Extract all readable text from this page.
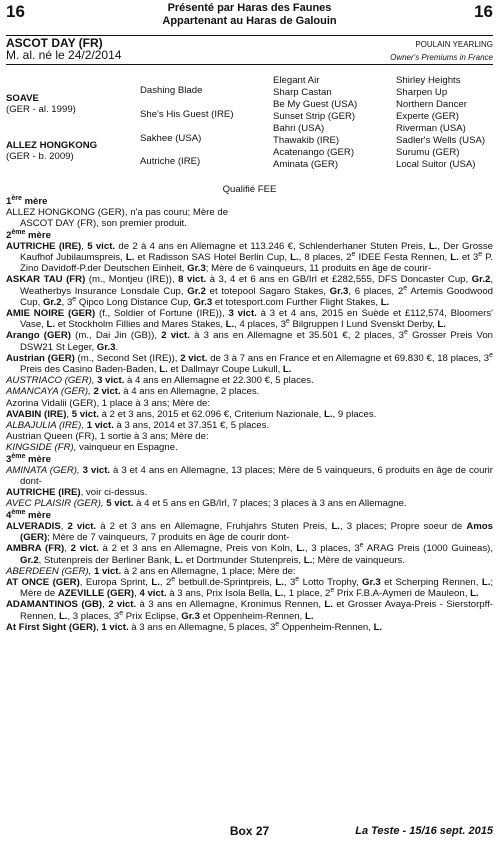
16	Présenté par Haras des Faunes
Appartenant au Haras de Galouin	16
ASCOT DAY (FR)
M. al. né le 24/2/2014
POULAIN YEARLING
Owner's Premiums in France
SOAVE
(GER - al. 1999)
ALLEZ HONGKONG
(GER - b. 2009)
Dashing Blade
She's His Guest (IRE)
Sakhee (USA)
Autriche (IRE)
Elegant Air
Sharp Castan
Be My Guest (USA)
Sunset Strip (GER)
Bahri (USA)
Thawakib (IRE)
Acatenango (GER)
Aminata (GER)
Shirley Heights
Sharpen Up
Northern Dancer
Experte (GER)
Riverman (USA)
Sadler's Wells (USA)
Surumu (GER)
Local Suitor (USA)
Qualifié FEE

1ère mère

ALLEZ HONGKONG (GER), n'a pas couru; Mère de

ASCOT DAY (FR), son premier produit.

2ème mère

AUTRICHE (IRE), 5 vict. de 2 à 4 ans en Allemagne et 113.246 €, Schlenderhaner Stuten Preis, L., Der Grosse Kaufhof Jubilaumspreis, L. et Radisson SAS Hotel Berlin Cup, L., 8 places, 2e IDEE Festa Rennen, L. et 3e P. Zino Davidoff-P.der Deutschen Einheit, Gr.3; Mère de 6 vainqueurs, 11 produits en âge de courir-

ASKAR TAU (FR) (m., Montjeu (IRE)), 8 vict. à 3, 4 et 6 ans en GB/Irl et £282,555, DFS Doncaster Cup, Gr.2, Weatherbys Insurance Lonsdale Cup, Gr.2 et totepool Sagaro Stakes, Gr.3, 6 places, 2e Artemis Goodwood Cup, Gr.2, 3e Qipco Long Distance Cup, Gr.3 et totesport.com Further Flight Stakes, L.

AMIE NOIRE (GER) (f., Soldier of Fortune (IRE)), 3 vict. à 3 et 4 ans, 2015 en Suède et £112,574, Bloomers' Vase, L. et Stockholm Fillies and Mares Stakes, L., 4 places, 3e Bilgruppen I Lund Svenskt Derby, L.

Arango (GER) (m., Dai Jin (GB)), 2 vict. à 3 ans en Allemagne et 35.501 €, 2 places, 3e Grosser Preis Von DSW21 St Leger, Gr.3.

Austrian (GER) (m., Second Set (IRE)), 2 vict. de 3 à 7 ans en France et en Allemagne et 69.830 €, 18 places, 3e Preis des Casino Baden-Baden, L. et Dallmayr Coupe Lukull, L.

AUSTRIACO (GER), 3 vict. à 4 ans en Allemagne et 22.300 €, 5 places.

AMANCAYA (GER), 2 vict. à 4 ans en Allemagne, 2 places.

Azorina Vidalii (GER), 1 place à 3 ans; Mère de:

AVABIN (IRE), 5 vict. à 2 et 3 ans, 2015 et 62.096 €, Criterium Nazionale, L., 9 places.

ALBAJULIA (IRE), 1 vict. à 3 ans, 2014 et 37.351 €, 5 places.

Austrian Queen (FR), 1 sortie à 3 ans; Mère de:

KINGSIDE (FR), vainqueur en Espagne.

3ème mère

AMINATA (GER), 3 vict. à 3 et 4 ans en Allemagne, 13 places; Mère de 5 vainqueurs, 6 produits en âge de courir dont-

AUTRICHE (IRE), voir ci-dessus.

AVEC PLAISIR (GER), 5 vict. à 4 et 5 ans en GB/Irl, 7 places; 3 places à 3 ans en Allemagne.

4ème mère

ALVERADIS, 2 vict. à 2 et 3 ans en Allemagne, Fruhjahrs Stuten Preis, L., 3 places; Propre soeur de Amos (GER); Mère de 7 vainqueurs, 7 produits en âge de courir dont-

AMBRA (FR), 2 vict. à 2 et 3 ans en Allemagne, Preis von Koln, L., 3 places, 3e ARAG Preis (1000 Guineas), Gr.2, Stutenpreis der Berliner Bank, L. et Dortmunder Stutenpreis, L.; Mère de vainqueurs.

ABERDEEN (GER), 1 vict. à 2 ans en Allemagne, 1 place; Mère de:

AT ONCE (GER), Europa Sprint, L., 2e betbull.de-Sprintpreis, L., 3e Lotto Trophy, Gr.3 et Scherping Rennen, L.; Mère de AZEVILLE (GER), 4 vict. à 3 ans, Prix Isola Bella, L., 1 place, 2e Prix F.B.A-Aymeri de Mauleon, L.

ADAMANTINOS (GB), 2 vict. à 3 ans en Allemagne, Kronimus Rennen, L. et Grosser Avaya-Preis - Sierstorpff-Rennen, L., 3 places, 3e Prix Eclipse, Gr.3 et Oppenheim-Rennen, L.

At First Sight (GER), 1 vict. à 3 ans en Allemagne, 5 places, 3e Oppenheim-Rennen, L.

Box 27	La Teste - 15/16 sept. 2015
